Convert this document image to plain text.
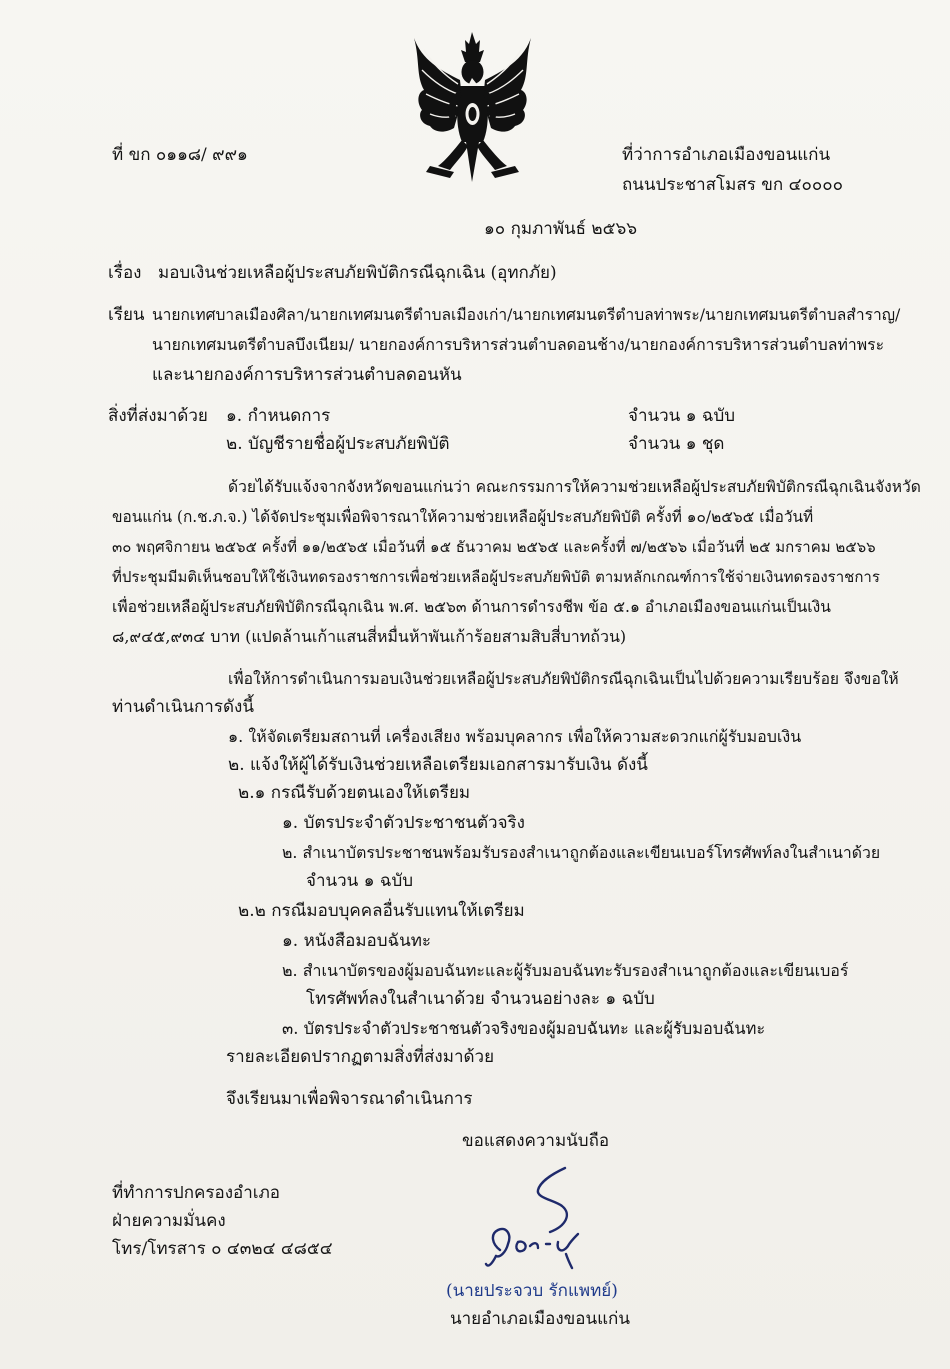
ที่ ขก ๐๑๑๘/ ๙๙๑	ที่ว่าการอำเภอเมืองขอนแก่น
ถนนประชาสโมสร ขก ๔๐๐๐๐
๑๐ กุมภาพันธ์ ๒๕๖๖
เรื่อง มอบเงินช่วยเหลือผู้ประสบภัยพิบัติกรณีฉุกเฉิน (อุทกภัย)
เรียน นายกเทศบาลเมืองศิลา/นายกเทศมนตรีตำบลเมืองเก่า/นายกเทศมนตรีตำบลท่าพระ/นายกเทศมนตรีตำบลสำราญ/
นายกเทศมนตรีตำบลบึงเนียม/ นายกองค์การบริหารส่วนตำบลดอนช้าง/นายกองค์การบริหารส่วนตำบลท่าพระ
และนายกองค์การบริหารส่วนตำบลดอนหัน
สิ่งที่ส่งมาด้วย ๑. กำหนดการ	จำนวน ๑ ฉบับ
๒. บัญชีรายชื่อผู้ประสบภัยพิบัติ	จำนวน ๑ ชุด
ด้วยได้รับแจ้งจากจังหวัดขอนแก่นว่า คณะกรรมการให้ความช่วยเหลือผู้ประสบภัยพิบัติกรณีฉุกเฉินจังหวัด
ขอนแก่น (ก.ช.ภ.จ.) ได้จัดประชุมเพื่อพิจารณาให้ความช่วยเหลือผู้ประสบภัยพิบัติ ครั้งที่ ๑๐/๒๕๖๕ เมื่อวันที่
๓๐ พฤศจิกายน ๒๕๖๕ ครั้งที่ ๑๑/๒๕๖๕ เมื่อวันที่ ๑๕ ธันวาคม ๒๕๖๕ และครั้งที่ ๗/๒๕๖๖ เมื่อวันที่ ๒๕ มกราคม ๒๕๖๖
ที่ประชุมมีมติเห็นชอบให้ใช้เงินทดรองราชการเพื่อช่วยเหลือผู้ประสบภัยพิบัติ ตามหลักเกณฑ์การใช้จ่ายเงินทดรองราชการ
เพื่อช่วยเหลือผู้ประสบภัยพิบัติกรณีฉุกเฉิน พ.ศ. ๒๕๖๓ ด้านการดำรงชีพ ข้อ ๕.๑ อำเภอเมืองขอนแก่นเป็นเงิน
๘,๙๔๕,๙๓๔ บาท (แปดล้านเก้าแสนสี่หมื่นห้าพันเก้าร้อยสามสิบสี่บาทถ้วน)
เพื่อให้การดำเนินการมอบเงินช่วยเหลือผู้ประสบภัยพิบัติกรณีฉุกเฉินเป็นไปด้วยความเรียบร้อย จึงขอให้
ท่านดำเนินการดังนี้
๑. ให้จัดเตรียมสถานที่ เครื่องเสียง พร้อมบุคลากร เพื่อให้ความสะดวกแก่ผู้รับมอบเงิน
๒. แจ้งให้ผู้ได้รับเงินช่วยเหลือเตรียมเอกสารมารับเงิน ดังนี้
๒.๑ กรณีรับด้วยตนเองให้เตรียม
๑. บัตรประจำตัวประชาชนตัวจริง
๒. สำเนาบัตรประชาชนพร้อมรับรองสำเนาถูกต้องและเขียนเบอร์โทรศัพท์ลงในสำเนาด้วย
จำนวน ๑ ฉบับ
๒.๒ กรณีมอบบุคคลอื่นรับแทนให้เตรียม
๑. หนังสือมอบฉันทะ
๒. สำเนาบัตรของผู้มอบฉันทะและผู้รับมอบฉันทะรับรองสำเนาถูกต้องและเขียนเบอร์
โทรศัพท์ลงในสำเนาด้วย จำนวนอย่างละ ๑ ฉบับ
๓. บัตรประจำตัวประชาชนตัวจริงของผู้มอบฉันทะ และผู้รับมอบฉันทะ
รายละเอียดปรากฏตามสิ่งที่ส่งมาด้วย
จึงเรียนมาเพื่อพิจารณาดำเนินการ
ขอแสดงความนับถือ
(นายประจวบ รักแพทย์)
นายอำเภอเมืองขอนแก่น
ที่ทำการปกครองอำเภอ
ฝ่ายความมั่นคง
โทร/โทรสาร ๐ ๔๓๒๔ ๔๘๕๔
